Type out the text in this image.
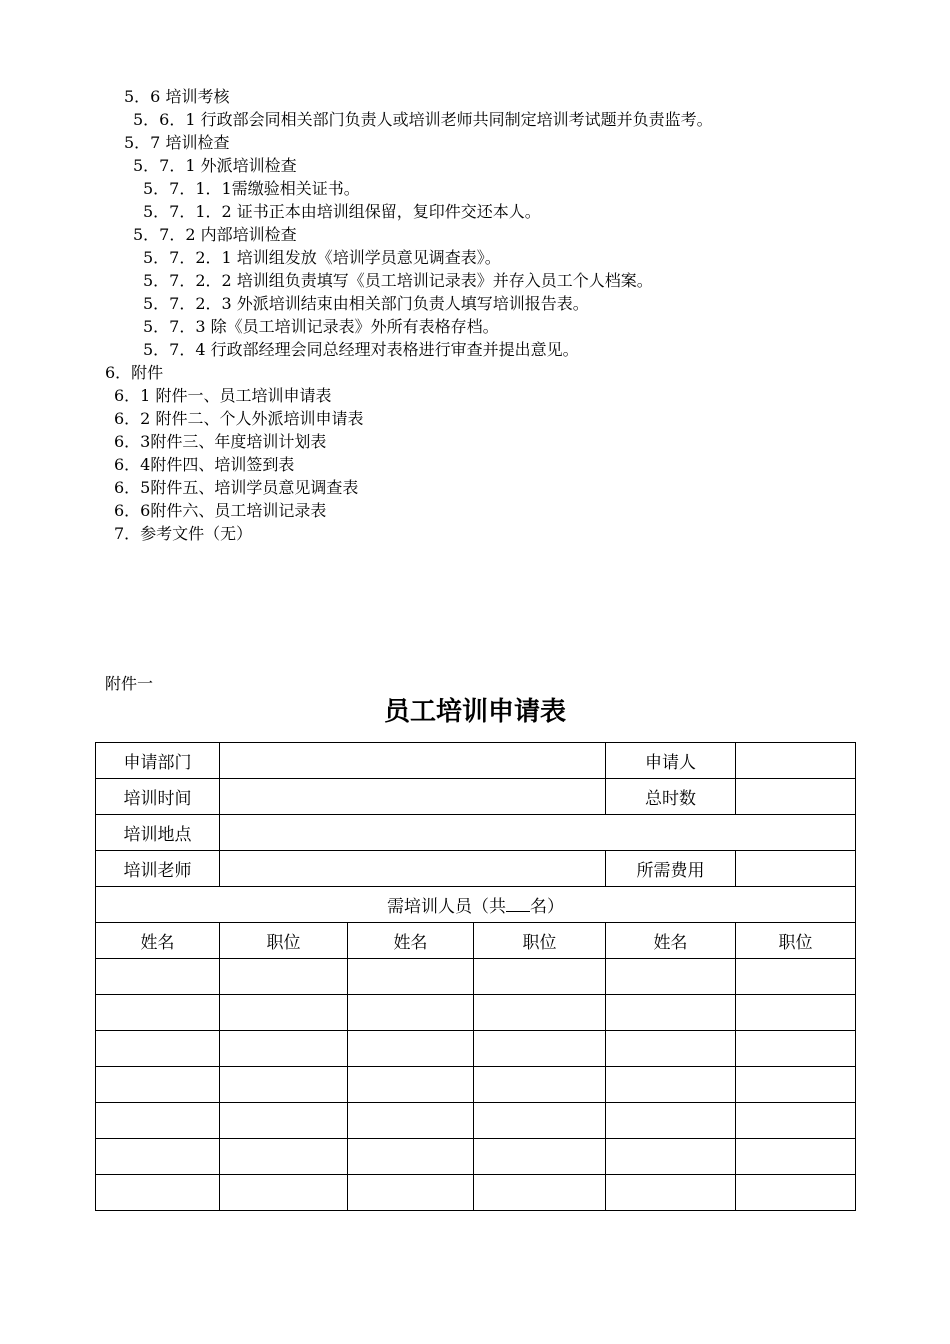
5．6 培训考核
5．6．1 行政部会同相关部门负责人或培训老师共同制定培训考试题并负责监考。
5．7 培训检查
5．7．1 外派培训检查
5．7．1．1需缴验相关证书。
5．7．1．2 证书正本由培训组保留，复印件交还本人。
5．7．2 内部培训检查
5．7．2．1 培训组发放《培训学员意见调查表》。
5．7．2．2 培训组负责填写《员工培训记录表》并存入员工个人档案。
5．7．2．3 外派培训结束由相关部门负责人填写培训报告表。
5．7．3 除《员工培训记录表》外所有表格存档。
5．7．4 行政部经理会同总经理对表格进行审查并提出意见。
6．附件
6．1 附件一、员工培训申请表
6．2 附件二、个人外派培训申请表
6．3附件三、年度培训计划表
6．4附件四、培训签到表
6．5附件五、培训学员意见调查表
6．6附件六、员工培训记录表
7．参考文件（无）
附件一
员工培训申请表
申请部门				申请人	
培训时间				总时数	
培训地点					
培训老师				所需费用	
需培训人员（共 名）					
姓名	职位	姓名	职位	姓名	职位
